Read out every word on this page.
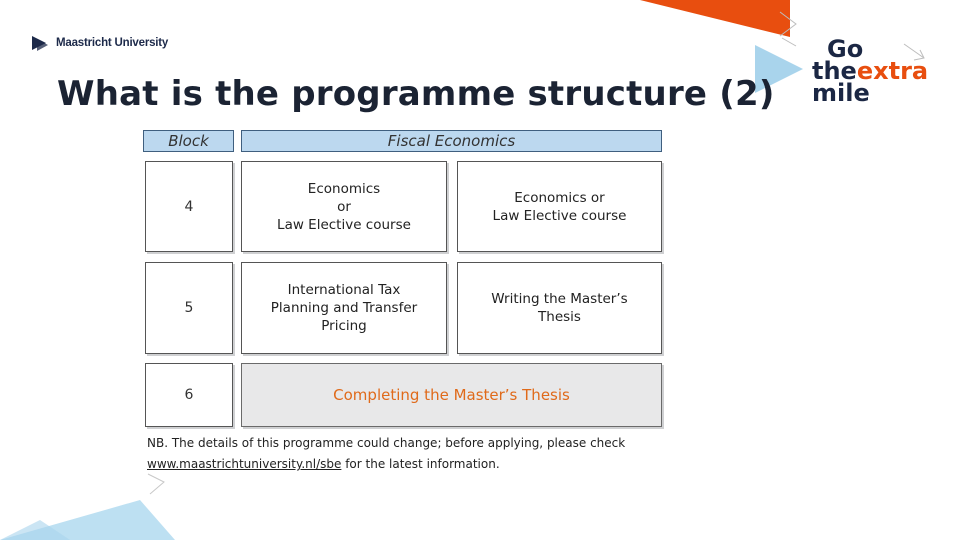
Maastricht University
What is the programme structure (2)
Go
theextra
mile
Block	Fiscal Economics
4
Economics
or
Law Elective course
Economics or
Law Elective course
5
International Tax
Planning and Transfer
Pricing
Writing the Master’s
Thesis
6	Completing the Master’s Thesis

NB. The details of this programme could change; before applying, please check www.maastrichtuniversity.nl/sbe for the latest information.
